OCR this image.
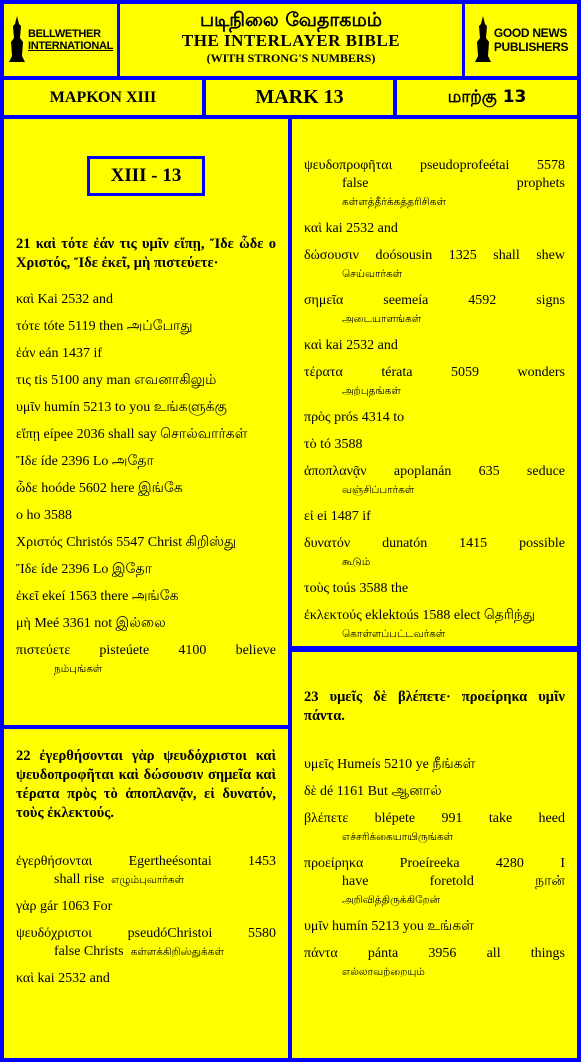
BELLWETHER
INTERNATIONAL
படிநிலை வேதாகமம்
THE INTERLAYER BIBLE
(WITH STRONG'S NUMBERS)
GOOD NEWS
PUBLISHERS
ΜΑΡΚΟΝ XIII	MARK 13	மாற்கு 13
XIII - 13
21 καὶ τότε ἐάν τις υμῖν εἴπῃ, Ἴδε ὧδε ο Χριστός, Ἴδε ἐκεῖ, μὴ πιστεύετε·

καὶ Kai 2532 and

τότε tóte 5119 then அப்போது

ἐάν eán 1437 if

τις tis 5100 any man எவனாகிலும்

υμῖν humín 5213 to you உங்களுக்கு

εἴπῃ eípee 2036 shall say சொல்வார்கள்

Ἴδε íde 2396 Lo அதோ

ὧδε hoóde 5602 here இங்கே

ο ho 3588

Χριστός Christós 5547 Christ கிறிஸ்து

Ἴδε íde 2396 Lo இதோ

ἐκεῖ ekeí 1563 there அங்கே

μὴ Meé 3361 not இல்லை

πιστεύετε pisteúete 4100 believe

நம்புங்கள்

22 ἐγερθήσονται γὰρ ψευδόχριστοι καὶ ψευδοπροφῆται καὶ δώσουσιν σημεῖα καὶ τέρατα πρὸς τὸ ἀποπλανᾷν, εἰ δυνατόν, τοὺς ἐκλεκτούς.

ἐγερθήσονται Egertheésontai 1453

shall rise எழும்புவார்கள்

γὰρ gár 1063 For

ψευδόχριστοι pseudóChristoi 5580

false Christs கள்ளக்கிறிஸ்துக்கள்

καὶ kai 2532 and

ψευδοπροφῆται pseudoprofeétai 5578

false prophets

கள்ளத்தீர்க்கத்தரிசிகள்

καὶ kai 2532 and

δώσουσιν doósousin 1325 shall shew

செய்வார்கள்

σημεῖα seemeía 4592 signs

அடையாளங்கள்

καὶ kai 2532 and

τέρατα térata 5059 wonders

அற்புதங்கள்

πρὸς prós 4314 to

τὸ tó 3588

ἀποπλανᾷν apoplanán 635 seduce

வஞ்சிப்பார்கள்

εἰ ei 1487 if

δυνατόν dunatón 1415 possible

கூடும்

τοὺς toús 3588 the

ἐκλεκτούς eklektoús 1588 elect தெரிந்து

கொள்ளப்பட்டவர்கள்

23 υμεῖς δὲ βλέπετε· προείρηκα υμῖν πάντα.

υμεῖς Humeís 5210 ye நீங்கள்

δὲ dé 1161 But ஆனால்

βλέπετε blépete 991 take heed

எச்சரிக்கையாயிருங்கள்

προείρηκα Proeíreeka 4280 I

have foretold நான்

அறிவித்திருக்கிறேன்

υμῖν humín 5213 you உங்கள்

πάντα pánta 3956 all things

எல்லாவற்றையும்
